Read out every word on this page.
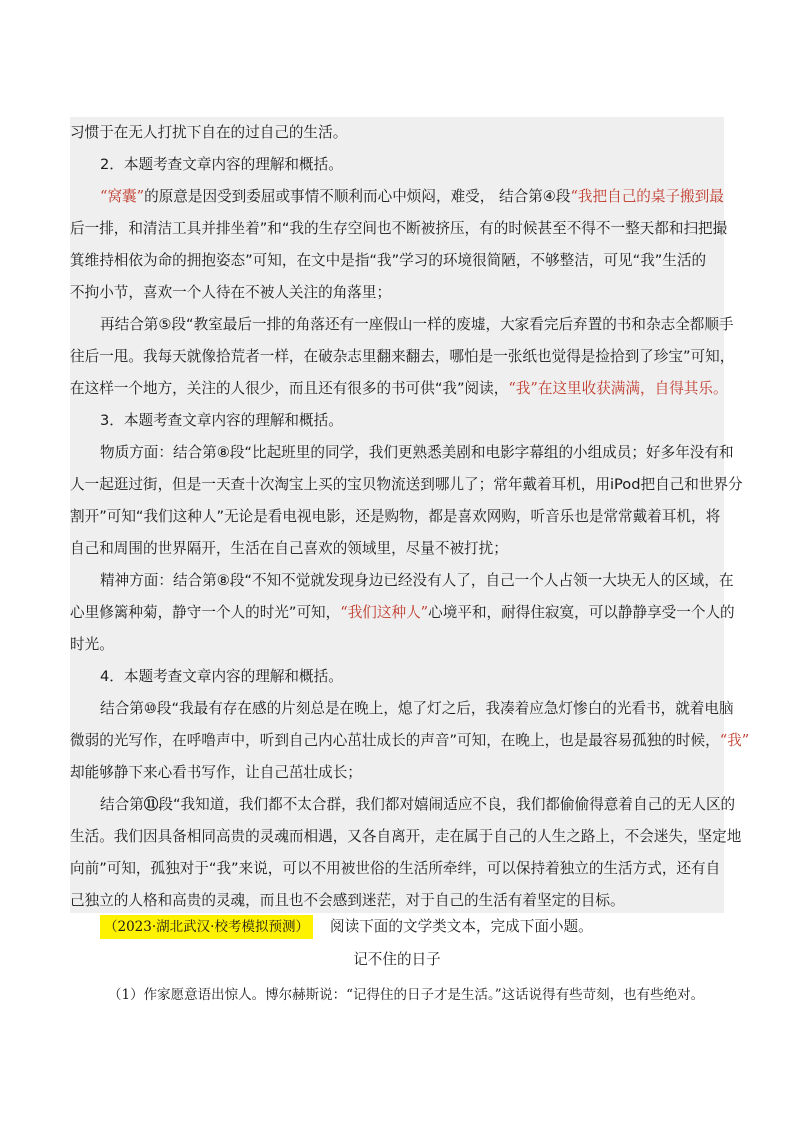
习惯于在无人打扰下自在的过自己的生活。
2．本题考查文章内容的理解和概括。
“窝囊”的原意是因受到委屈或事情不顺利而心中烦闷，难受， 结合第④段“我把自己的桌子搬到最
后一排，和清洁工具并排坐着”和“我的生存空间也不断被挤压，有的时候甚至不得不一整天都和扫把撮
箕维持相依为命的拥抱姿态”可知，在文中是指“我”学习的环境很简陋，不够整洁，可见“我”生活的
不拘小节，喜欢一个人待在不被人关注的角落里；
再结合第⑤段“教室最后一排的角落还有一座假山一样的废墟，大家看完后弃置的书和杂志全都顺手
往后一甩。我每天就像拾荒者一样，在破杂志里翻来翻去，哪怕是一张纸也觉得是捡拾到了珍宝”可知，
在这样一个地方，关注的人很少，而且还有很多的书可供“我”阅读，“我”在这里收获满满，自得其乐。
3．本题考查文章内容的理解和概括。
物质方面：结合第⑧段“比起班里的同学，我们更熟悉美剧和电影字幕组的小组成员；好多年没有和
人一起逛过街，但是一天查十次淘宝上买的宝贝物流送到哪儿了；常年戴着耳机，用iPod把自己和世界分
割开”可知“我们这种人”无论是看电视电影，还是购物，都是喜欢网购，听音乐也是常常戴着耳机，将
自己和周围的世界隔开，生活在自己喜欢的领域里，尽量不被打扰；
精神方面：结合第⑧段“不知不觉就发现身边已经没有人了，自己一个人占领一大块无人的区域，在
心里修篱种菊，静守一个人的时光”可知，“我们这种人”心境平和，耐得住寂寞，可以静静享受一个人的
时光。
4．本题考查文章内容的理解和概括。
结合第⑩段“我最有存在感的片刻总是在晚上，熄了灯之后，我凑着应急灯惨白的光看书，就着电脑
微弱的光写作，在呼噜声中，听到自己内心茁壮成长的声音”可知，在晚上，也是最容易孤独的时候，“我”
却能够静下来心看书写作，让自己茁壮成长；
结合第⑪段“我知道，我们都不太合群，我们都对嬉闹适应不良，我们都偷偷得意着自己的无人区的
生活。我们因具备相同高贵的灵魂而相遇，又各自离开，走在属于自己的人生之路上，不会迷失，坚定地
向前”可知，孤独对于“我”来说，可以不用被世俗的生活所牵绊，可以保持着独立的生活方式，还有自
己独立的人格和高贵的灵魂，而且也不会感到迷茫，对于自己的生活有着坚定的目标。
（2023·湖北武汉·校考模拟预测） 阅读下面的文学类文本，完成下面小题。
记不住的日子
（1）作家愿意语出惊人。博尔赫斯说：“记得住的日子才是生活。”这话说得有些苛刻，也有些绝对。
